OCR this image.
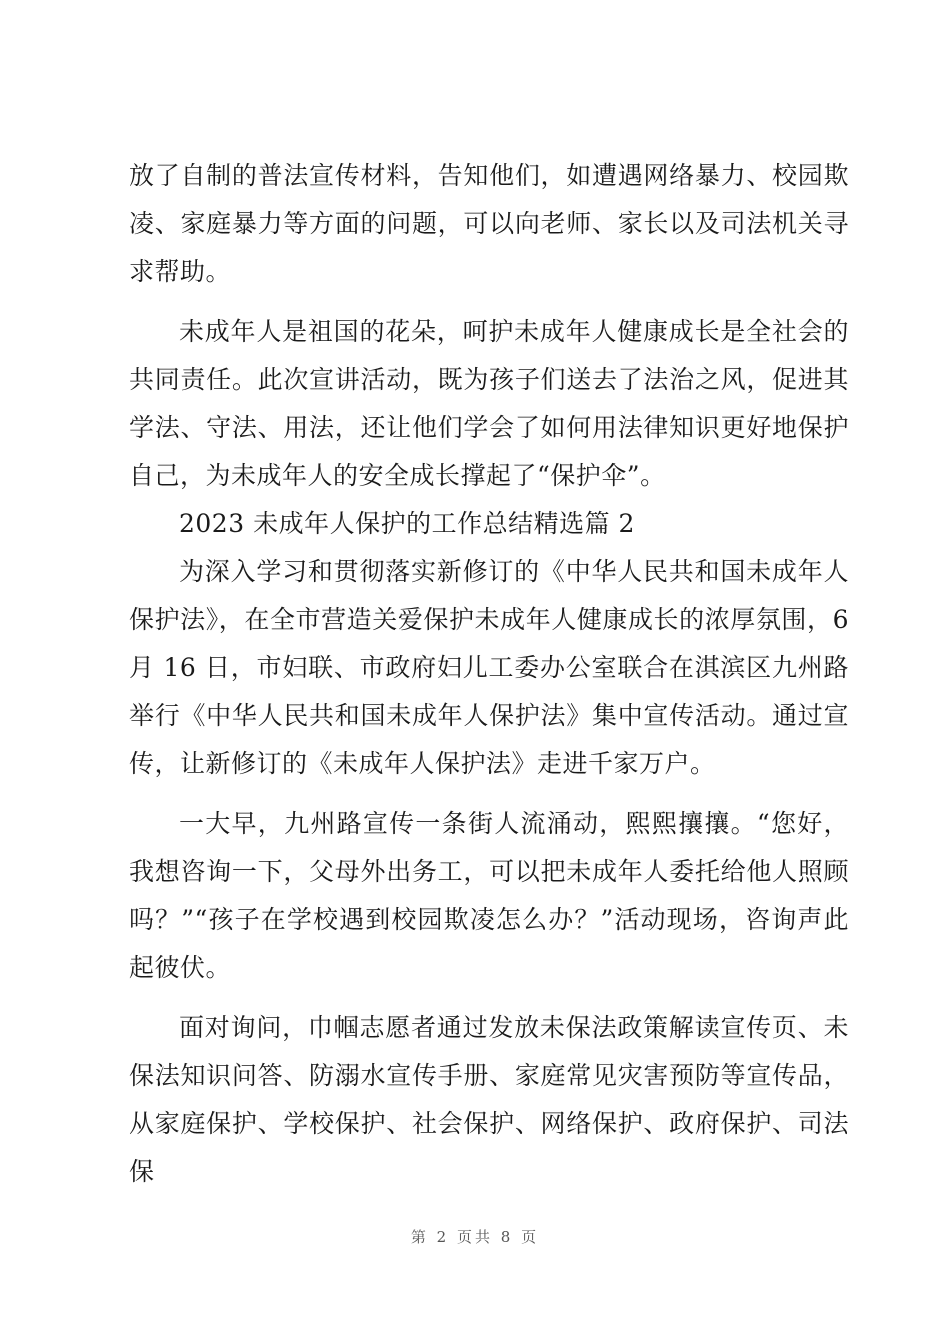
放了自制的普法宣传材料，告知他们，如遭遇网络暴力、校园欺凌、家庭暴力等方面的问题，可以向老师、家长以及司法机关寻求帮助。

未成年人是祖国的花朵，呵护未成年人健康成长是全社会的共同责任。此次宣讲活动，既为孩子们送去了法治之风，促进其学法、守法、用法，还让他们学会了如何用法律知识更好地保护自己，为未成年人的安全成长撑起了“保护伞”。

2023 未成年人保护的工作总结精选篇 2

为深入学习和贯彻落实新修订的《中华人民共和国未成年人保护法》，在全市营造关爱保护未成年人健康成长的浓厚氛围，6 月 16 日，市妇联、市政府妇儿工委办公室联合在淇滨区九州路举行《中华人民共和国未成年人保护法》集中宣传活动。通过宣传，让新修订的《未成年人保护法》走进千家万户。

一大早，九州路宣传一条街人流涌动，熙熙攘攘。“您好，我想咨询一下，父母外出务工，可以把未成年人委托给他人照顾吗？”“孩子在学校遇到校园欺凌怎么办？”活动现场，咨询声此起彼伏。

面对询问，巾帼志愿者通过发放未保法政策解读宣传页、未保法知识问答、防溺水宣传手册、家庭常见灾害预防等宣传品，从家庭保护、学校保护、社会保护、网络保护、政府保护、司法保

第 2 页共 8 页
